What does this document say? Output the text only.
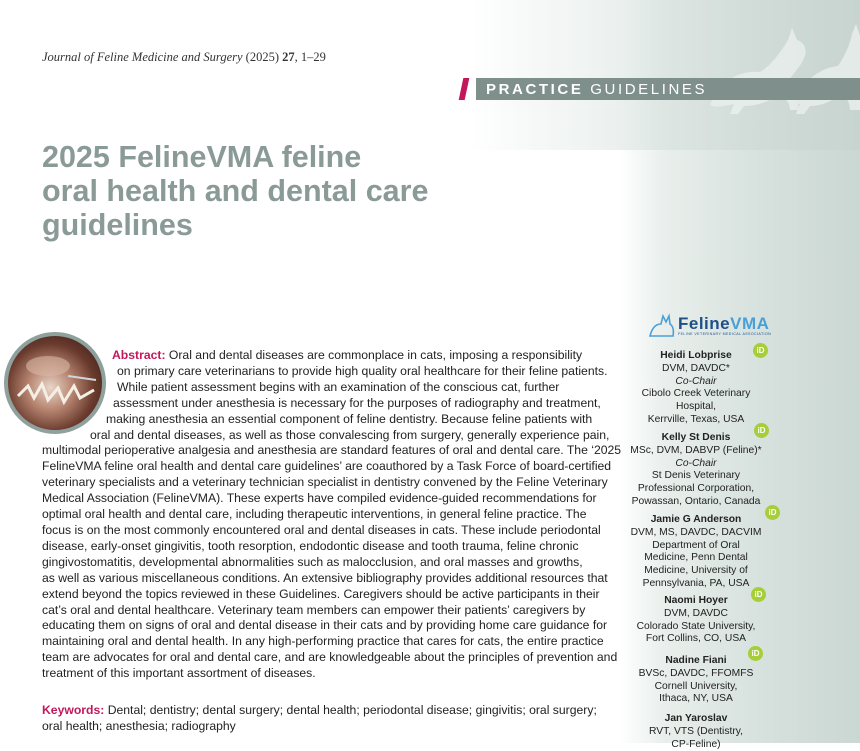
Journal of Feline Medicine and Surgery (2025) 27, 1–29
PRACTICE GUIDELINES
2025 FelineVMA feline
oral health and dental care
guidelines
Abstract: Oral and dental diseases are commonplace in cats, imposing a responsibility
on primary care veterinarians to provide high quality oral healthcare for their feline patients.
While patient assessment begins with an examination of the conscious cat, further
assessment under anesthesia is necessary for the purposes of radiography and treatment,
making anesthesia an essential component of feline dentistry. Because feline patients with
oral and dental diseases, as well as those convalescing from surgery, generally experience pain,
multimodal perioperative analgesia and anesthesia are standard features of oral and dental care. The ‘2025
FelineVMA feline oral health and dental care guidelines’ are coauthored by a Task Force of board-certified
veterinary specialists and a veterinary technician specialist in dentistry convened by the Feline Veterinary
Medical Association (FelineVMA). These experts have compiled evidence-guided recommendations for
optimal oral health and dental care, including therapeutic interventions, in general feline practice. The
focus is on the most commonly encountered oral and dental diseases in cats. These include periodontal
disease, early-onset gingivitis, tooth resorption, endodontic disease and tooth trauma, feline chronic
gingivostomatitis, developmental abnormalities such as malocclusion, and oral masses and growths,
as well as various miscellaneous conditions. An extensive bibliography provides additional resources that
extend beyond the topics reviewed in these Guidelines. Caregivers should be active participants in their
cat’s oral and dental healthcare. Veterinary team members can empower their patients’ caregivers by
educating them on signs of oral and dental disease in their cats and by providing home care guidance for
maintaining oral and dental health. In any high-performing practice that cares for cats, the entire practice
team are advocates for oral and dental care, and are knowledgeable about the principles of prevention and
treatment of this important assortment of diseases.
Keywords: Dental; dentistry; dental surgery; dental health; periodontal disease; gingivitis; oral surgery;
oral health; anesthesia; radiography
FelineVMA
FELINE VETERINARY MEDICAL ASSOCIATION
Heidi Lobprise
DVM, DAVDC*
Co-Chair
Cibolo Creek Veterinary
Hospital,
Kerrville, Texas, USA
iD
Kelly St Denis
MSc, DVM, DABVP (Feline)*
Co-Chair
St Denis Veterinary
Professional Corporation,
Powassan, Ontario, Canada
iD
Jamie G Anderson
DVM, MS, DAVDC, DACVIM
Department of Oral
Medicine, Penn Dental
Medicine, University of
Pennsylvania, PA, USA
iD
Naomi Hoyer
DVM, DAVDC
Colorado State University,
Fort Collins, CO, USA
iD
Nadine Fiani
BVSc, DAVDC, FFOMFS
Cornell University,
Ithaca, NY, USA
iD
Jan Yaroslav
RVT, VTS (Dentistry,
CP-Feline)
